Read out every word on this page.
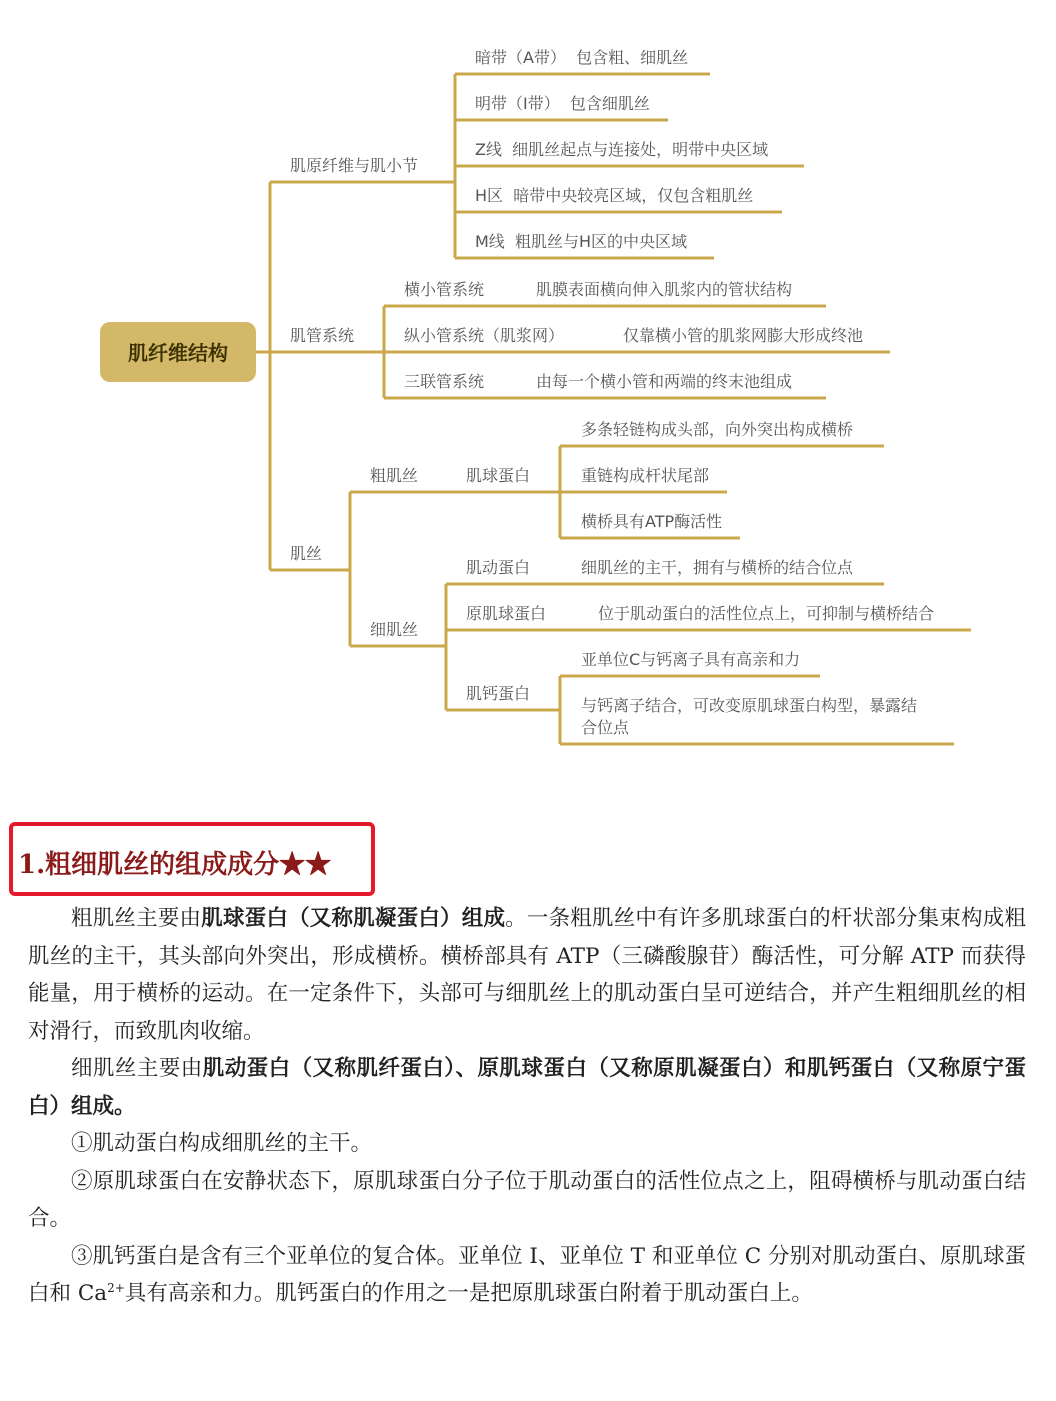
肌纤维结构
肌原纤维与肌小节
肌管系统
肌丝
暗带（A带）  包含粗、细肌丝
明带（I带）  包含细肌丝
Z线  细肌丝起点与连接处，明带中央区域
H区  暗带中央较亮区域，仅包含粗肌丝
M线  粗肌丝与H区的中央区域
横小管系统	肌膜表面横向伸入肌浆内的管状结构
纵小管系统（肌浆网）	仅靠横小管的肌浆网膨大形成终池
三联管系统	由每一个横小管和两端的终末池组成
粗肌丝
细肌丝
肌球蛋白
多条轻链构成头部，向外突出构成横桥
重链构成杆状尾部
横桥具有ATP酶活性
肌动蛋白	细肌丝的主干，拥有与横桥的结合位点
原肌球蛋白	位于肌动蛋白的活性位点上，可抑制与横桥结合
肌钙蛋白
亚单位C与钙离子具有高亲和力
与钙离子结合，可改变原肌球蛋白构型，暴露结
合位点
1.粗细肌丝的组成成分★★

粗肌丝主要由肌球蛋白（又称肌凝蛋白）组成。一条粗肌丝中有许多肌球蛋白的杆状部分集束构成粗肌丝的主干，其头部向外突出，形成横桥。横桥部具有 ATP（三磷酸腺苷）酶活性，可分解 ATP 而获得能量，用于横桥的运动。在一定条件下，头部可与细肌丝上的肌动蛋白呈可逆结合，并产生粗细肌丝的相对滑行，而致肌肉收缩。

细肌丝主要由肌动蛋白（又称肌纤蛋白）、原肌球蛋白（又称原肌凝蛋白）和肌钙蛋白（又称原宁蛋白）组成。

①肌动蛋白构成细肌丝的主干。

②原肌球蛋白在安静状态下，原肌球蛋白分子位于肌动蛋白的活性位点之上，阻碍横桥与肌动蛋白结合。

③肌钙蛋白是含有三个亚单位的复合体。亚单位 I、亚单位 T 和亚单位 C 分别对肌动蛋白、原肌球蛋白和 $Ca^{2+}$具有高亲和力。肌钙蛋白的作用之一是把原肌球蛋白附着于肌动蛋白上。
